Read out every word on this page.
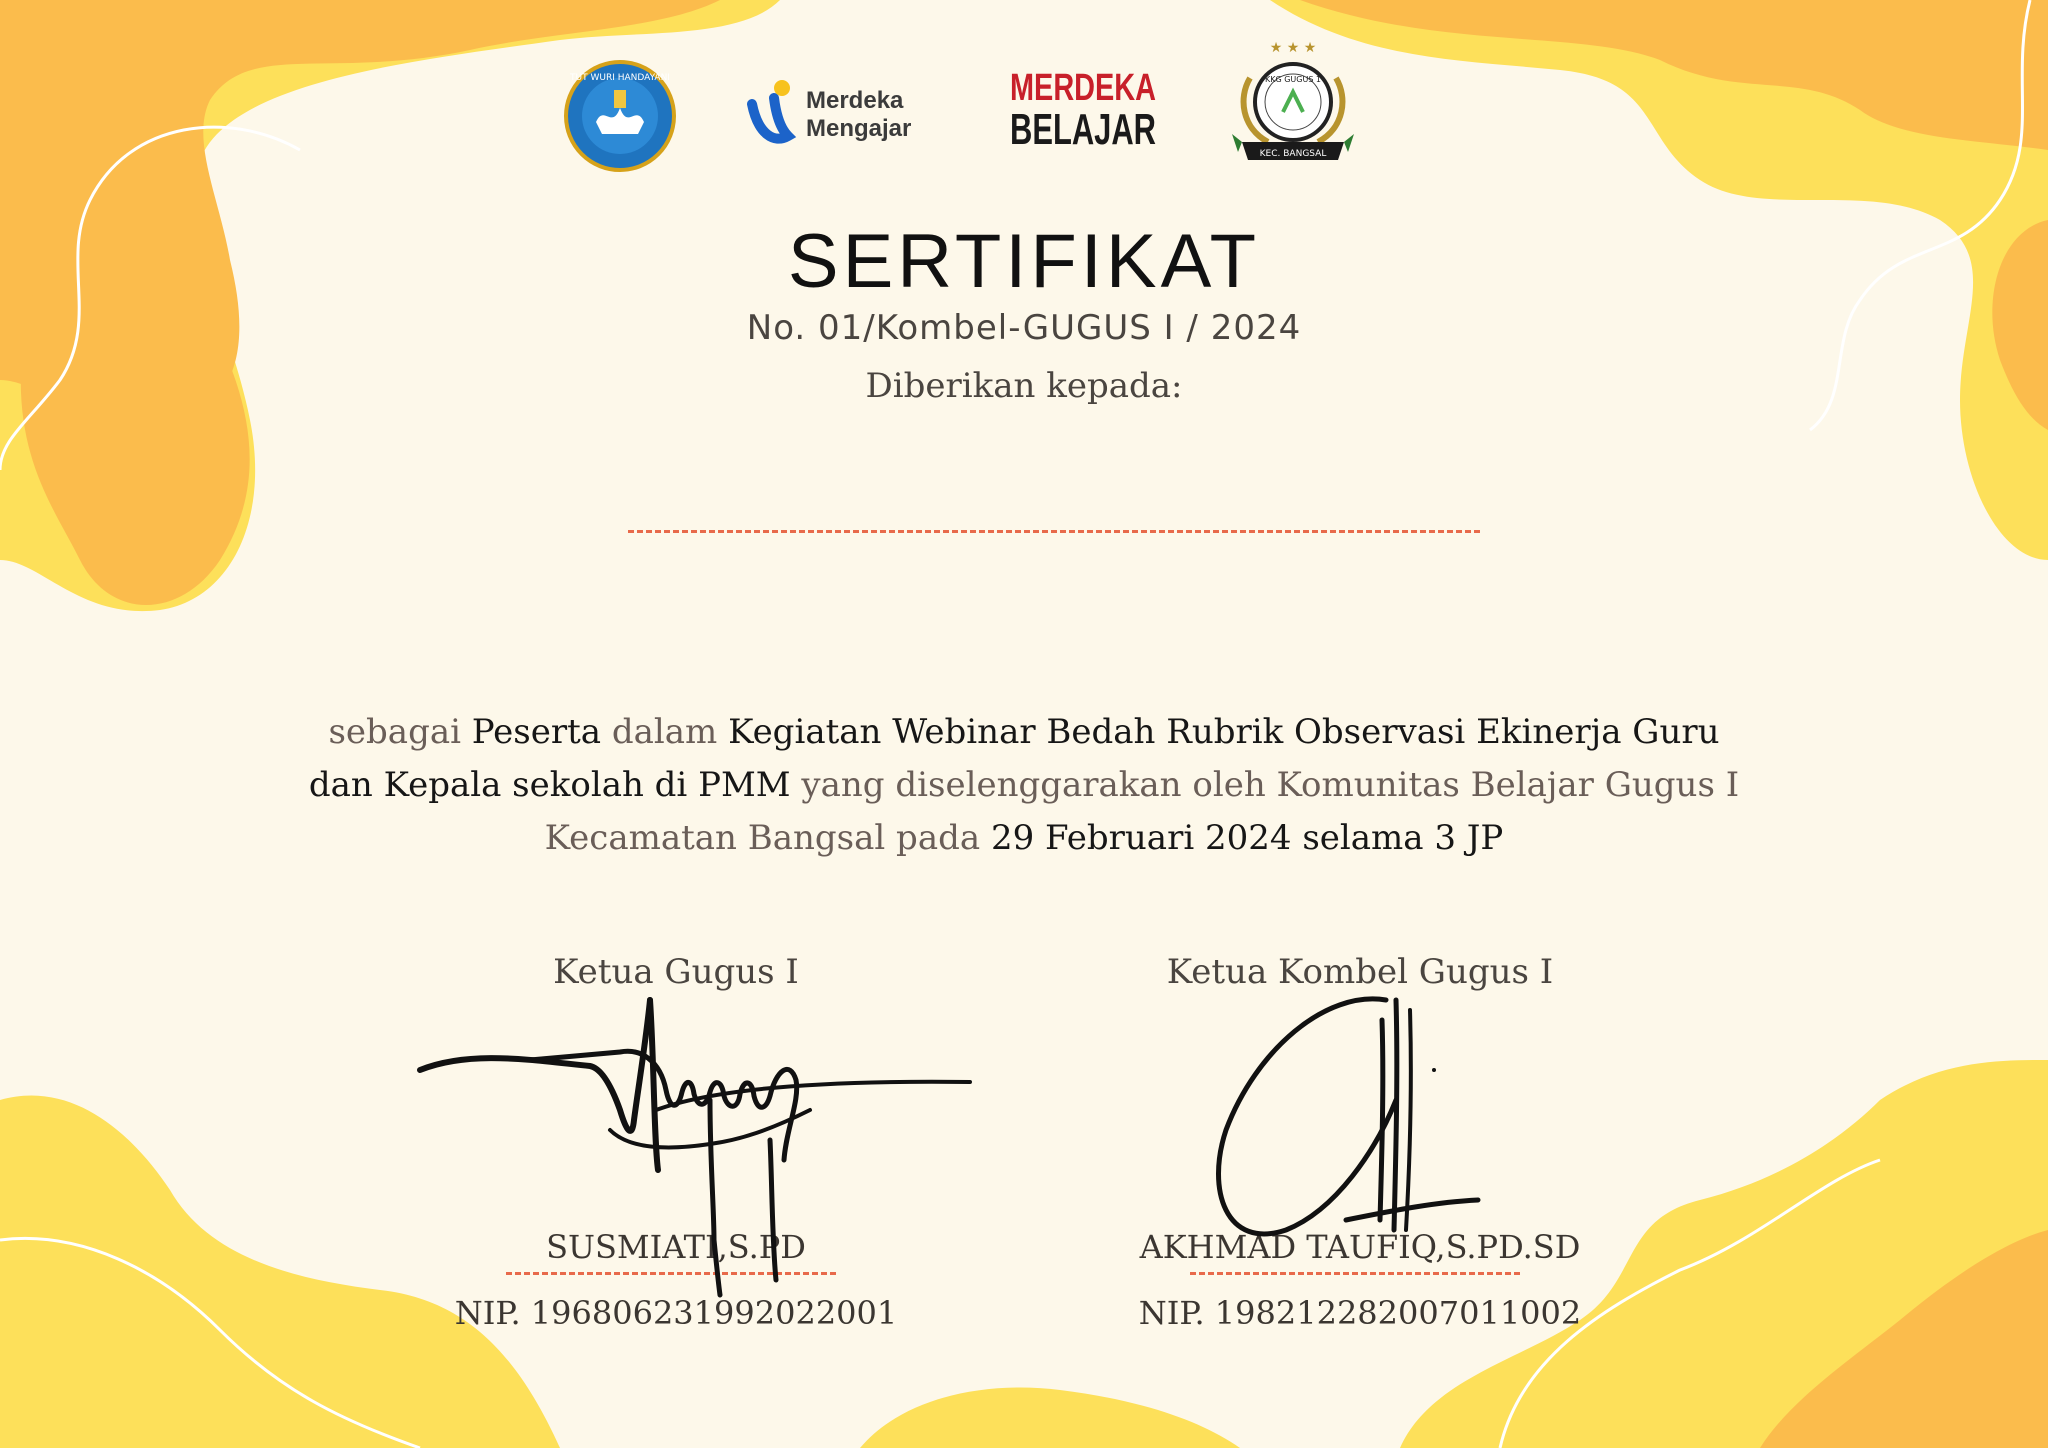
TUT WURI HANDAYANI
Merdeka
Mengajar
MERDEKA
BELAJAR
★ ★ ★
KKG GUGUS 1
KEC. BANGSAL
SERTIFIKAT
No. 01/Kombel-GUGUS I / 2024
Diberikan kepada:
sebagai Peserta dalam Kegiatan Webinar Bedah Rubrik Observasi Ekinerja Guru dan Kepala sekolah di PMM yang diselenggarakan oleh Komunitas Belajar Gugus I Kecamatan Bangsal pada 29 Februari 2024 selama 3 JP
Ketua Gugus I
SUSMIATI,S.PD
NIP. 196806231992022001
Ketua Kombel Gugus I
AKHMAD TAUFIQ,S.PD.SD
NIP. 198212282007011002
